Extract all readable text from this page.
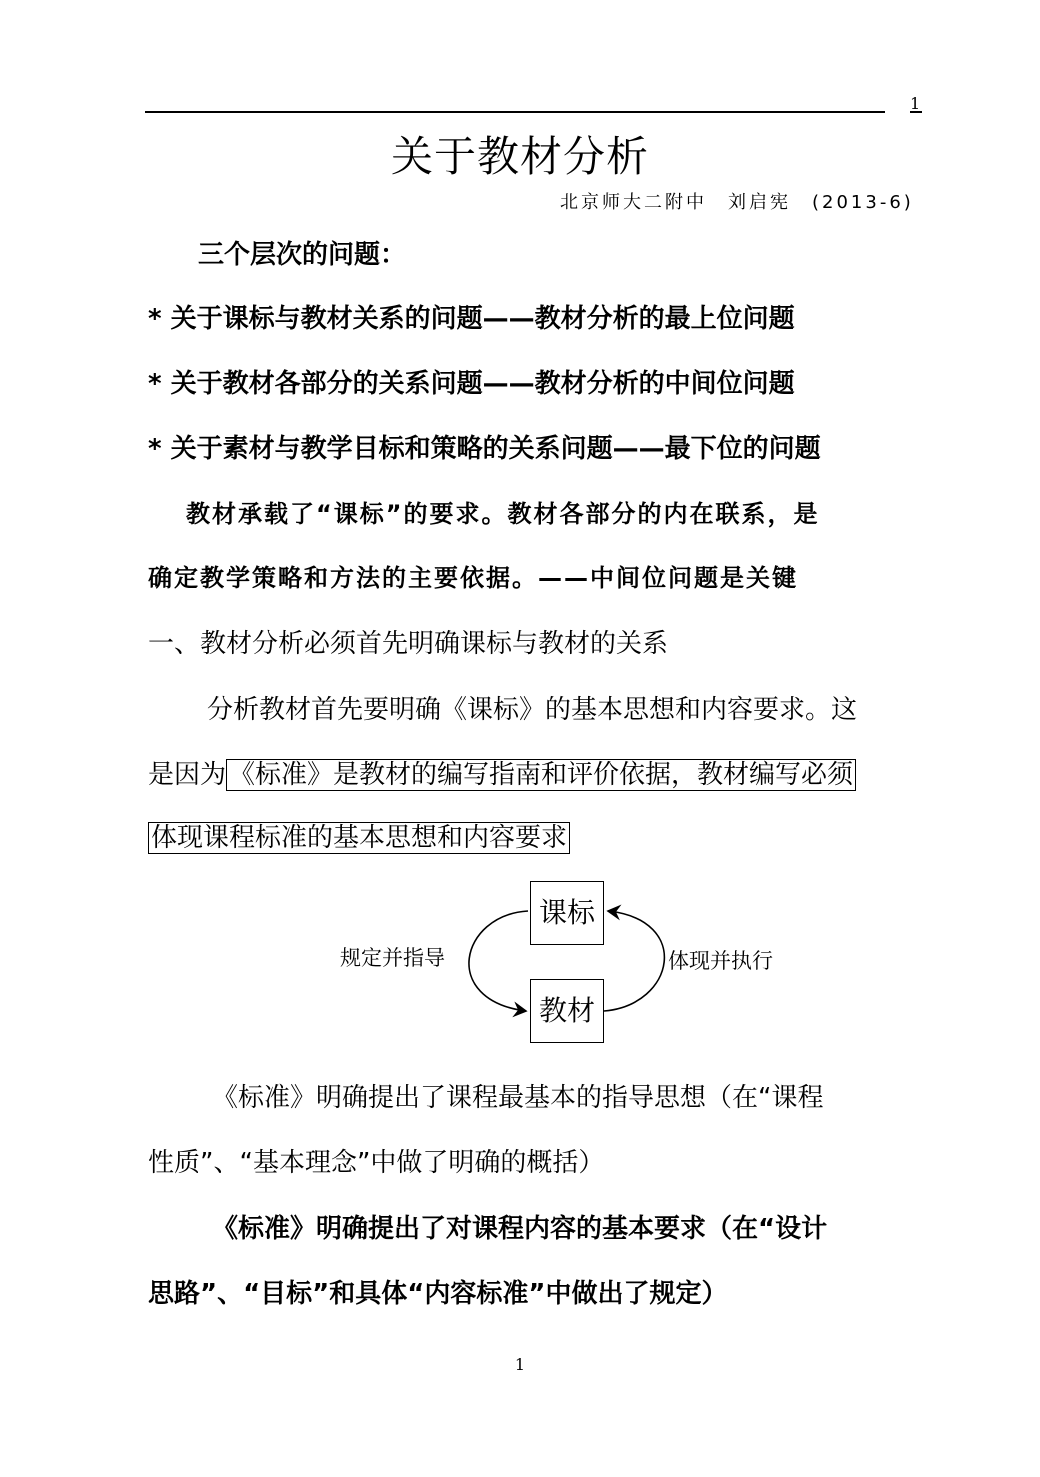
1
关于教材分析
北京师大二附中　刘启宪　(2013-6)
三个层次的问题：
* 关于课标与教材关系的问题——教材分析的最上位问题
* 关于教材各部分的关系问题——教材分析的中间位问题
* 关于素材与教学目标和策略的关系问题——最下位的问题
教材承载了“课标”的要求。教材各部分的内在联系，是
确定教学策略和方法的主要依据。——中间位问题是关键
一、教材分析必须首先明确课标与教材的关系
分析教材首先要明确《课标》的基本思想和内容要求。这
是因为 《标准》是教材的编写指南和评价依据，教材编写必须
体现课程标准的基本思想和内容要求
课标
教材
规定并指导	体现并执行
《标准》明确提出了课程最基本的指导思想（在“课程
性质”、“基本理念”中做了明确的概括）
《标准》明确提出了对课程内容的基本要求（在“设计
思路”、“目标”和具体“内容标准”中做出了规定）
1
